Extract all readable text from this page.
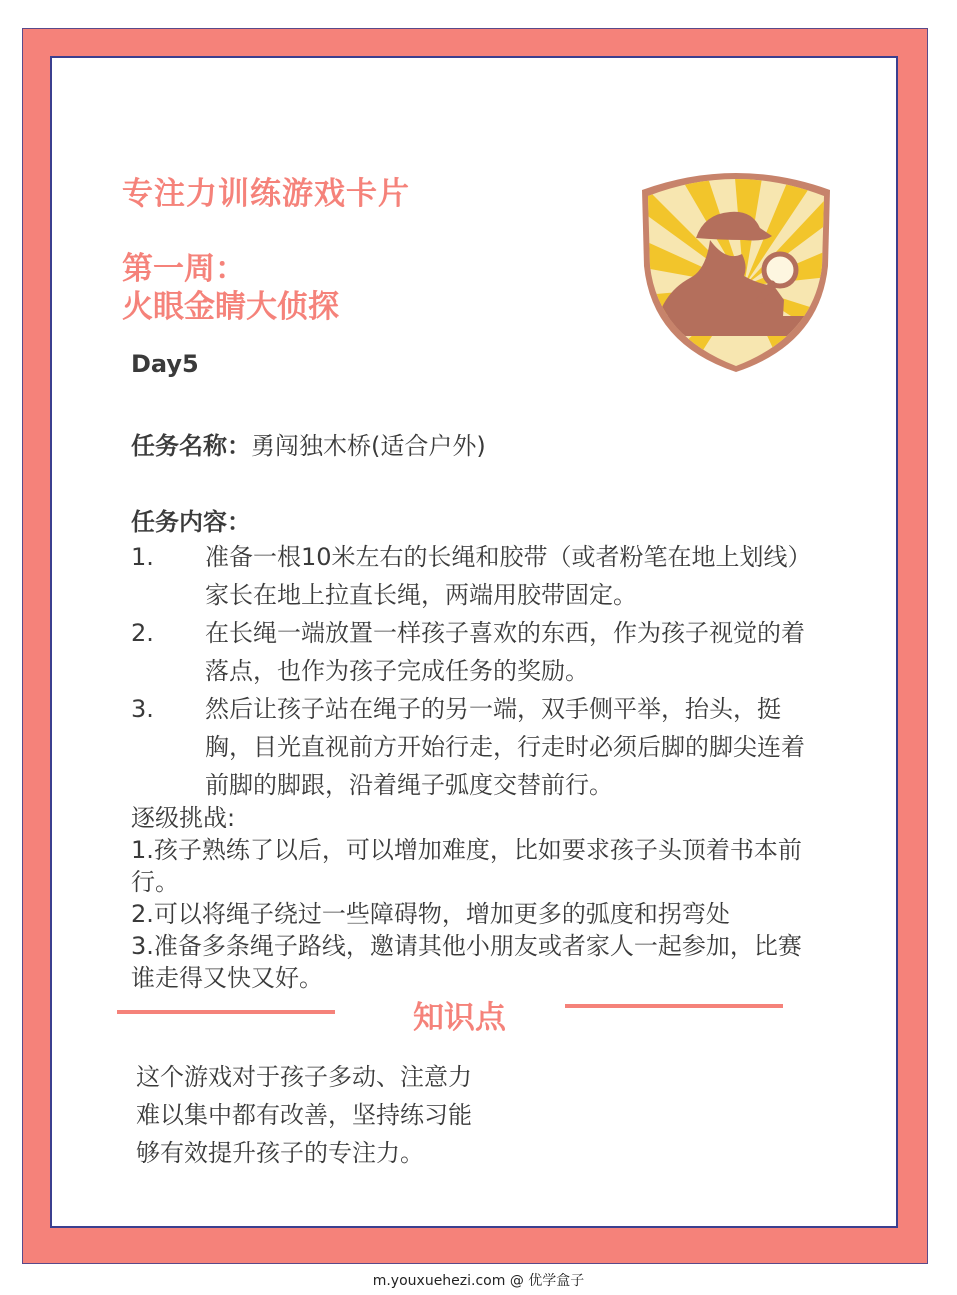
专注力训练游戏卡片
第一周：
火眼金睛大侦探
Day5
任务名称：勇闯独木桥(适合户外)
任务内容：
1.	准备一根10米左右的长绳和胶带（或者粉笔在地上划线）家长在地上拉直长绳，两端用胶带固定。
2.	在长绳一端放置一样孩子喜欢的东西，作为孩子视觉的着落点，也作为孩子完成任务的奖励。
3.	然后让孩子站在绳子的另一端，双手侧平举，抬头，挺胸，目光直视前方开始行走，行走时必须后脚的脚尖连着前脚的脚跟，沿着绳子弧度交替前行。
逐级挑战:
1.孩子熟练了以后，可以增加难度，比如要求孩子头顶着书本前行。
2.可以将绳子绕过一些障碍物，增加更多的弧度和拐弯处
3.准备多条绳子路线，邀请其他小朋友或者家人一起参加，比赛谁走得又快又好。
知识点
这个游戏对于孩子多动、注意力
难以集中都有改善，坚持练习能
够有效提升孩子的专注力。
m.youxuehezi.com @ 优学盒子
